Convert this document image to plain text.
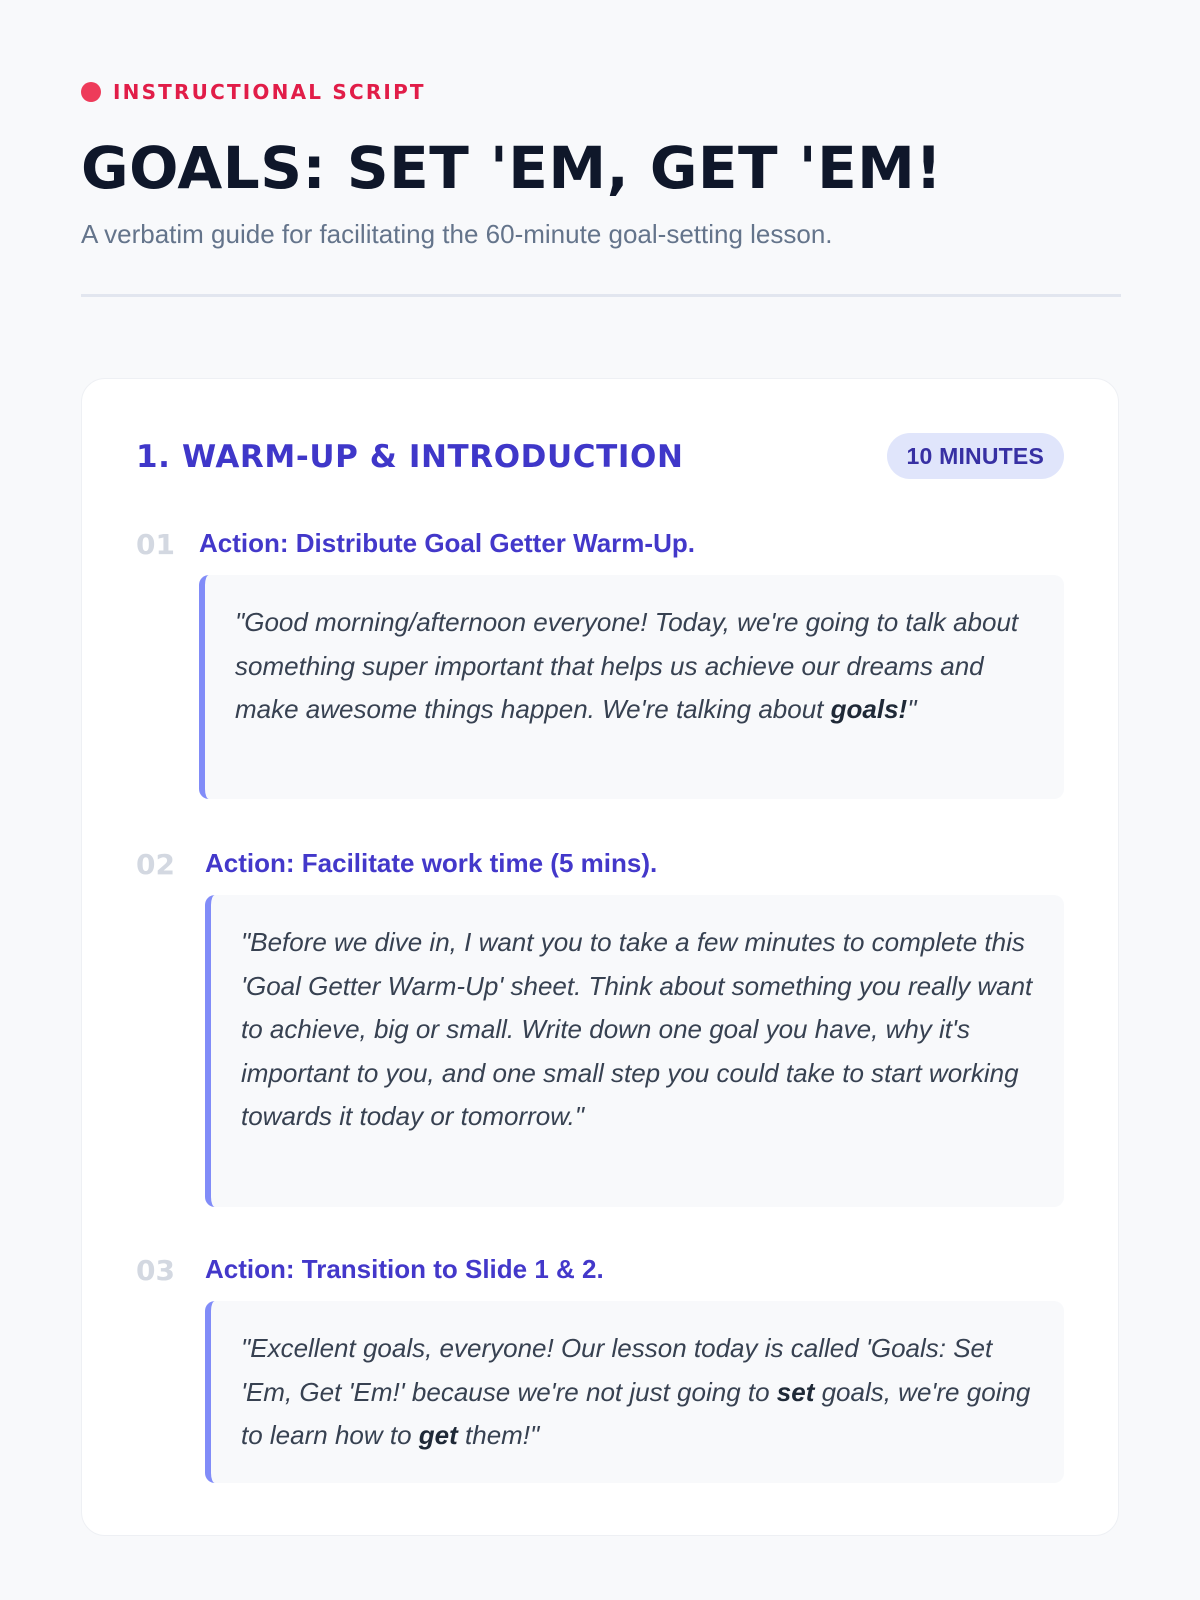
INSTRUCTIONAL SCRIPT
GOALS: SET 'EM, GET 'EM!
A verbatim guide for facilitating the 60-minute goal-setting lesson.
1. WARM-UP & INTRODUCTION	10 MINUTES
01 Action: Distribute Goal Getter Warm-Up.

"Good morning/afternoon everyone! Today, we're going to talk about something super important that helps us achieve our dreams and make awesome things happen. We're talking about goals!"

02 Action: Facilitate work time (5 mins).

"Before we dive in, I want you to take a few minutes to complete this 'Goal Getter Warm-Up' sheet. Think about something you really want to achieve, big or small. Write down one goal you have, why it's important to you, and one small step you could take to start working towards it today or tomorrow."

03 Action: Transition to Slide 1 & 2.

"Excellent goals, everyone! Our lesson today is called 'Goals: Set 'Em, Get 'Em!' because we're not just going to set goals, we're going to learn how to get them!"
